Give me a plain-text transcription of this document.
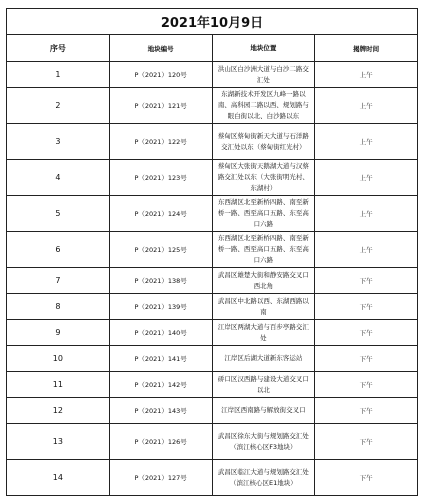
2021年10月9日			
序号	地块编号	地块位置	揭牌时间
1	P（2021）120号	洪山区白沙洲大道与白沙二路交汇处	上午
2	P（2021）121号	东湖新技术开发区九峰一路以南、高科园二路以西、规划路与眼白街以北、白沙路以东	上午
3	P（2021）122号	蔡甸区蔡甸街新天大道与石洋路交汇处以东（蔡甸街红光村）	上午
4	P（2021）123号	蔡甸区大张街天鹅湖大道与汉蔡路交汇处以东（大张街明光村、东湖村）	上午
5	P（2021）124号	东西湖区北至新桥四路、南至新桥一路、西至高口五路、东至高口六路	上午
6	P（2021）125号	东西湖区北至新桥四路、南至新桥一路、西至高口五路、东至高口六路	上午
7	P（2021）138号	武昌区雄楚大街和静安路交叉口西北角	下午
8	P（2021）139号	武昌区中北路以西、东湖西路以南	下午
9	P（2021）140号	江岸区两湖大道与百步亭路交汇处	下午
10	P（2021）141号	江岸区后湖大道新东客运站	下午
11	P（2021）142号	硚口区汉西路与建设大道交叉口以北	下午
12	P（2021）143号	江岸区西南路与解放街交叉口	下午
13	P（2021）126号	武昌区徐东大街与规划路交汇处（滨江核心区F3地块）	下午
14	P（2021）127号	武昌区临江大道与规划路交汇处（滨江核心区E1地块）	下午
